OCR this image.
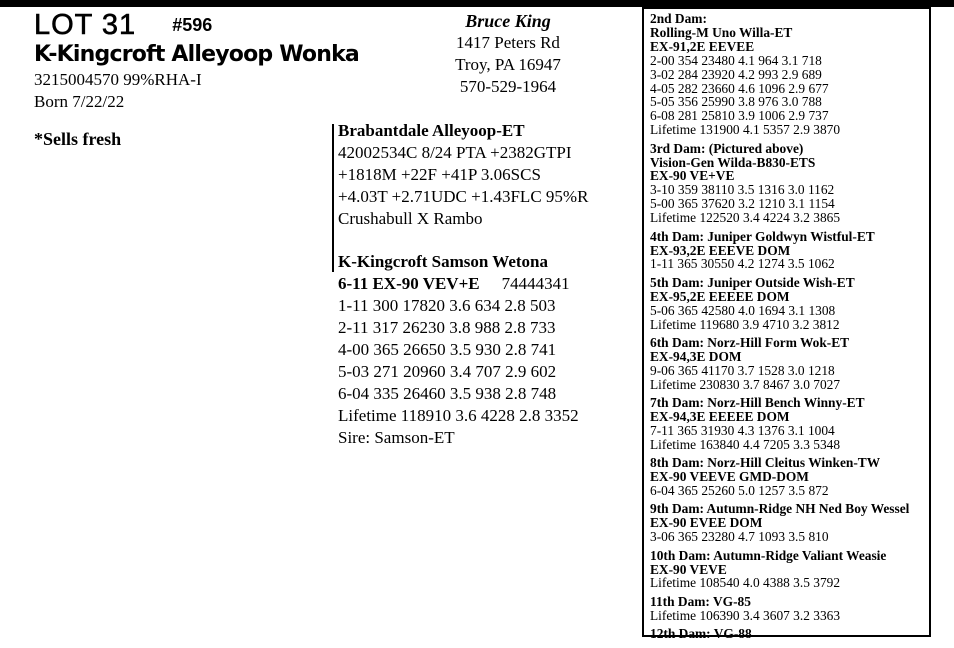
LOT 31 #596
K-Kingcroft Alleyoop Wonka
3215004570 99%RHA-I
Born 7/22/22
*Sells fresh
Bruce King
1417 Peters Rd
Troy, PA 16947
570-529-1964
Brabantdale Alleyoop-ET
42002534C 8/24 PTA +2382GTPI
+1818M +22F +41P 3.06SCS
+4.03T +2.71UDC +1.43FLC 95%R
Crushabull X Rambo
K-Kingcroft Samson Wetona
6-11 EX-90 VEV+E 74444341
1-11 300 17820 3.6 634 2.8 503
2-11 317 26230 3.8 988 2.8 733
4-00 365 26650 3.5 930 2.8 741
5-03 271 20960 3.4 707 2.9 602
6-04 335 26460 3.5 938 2.8 748
Lifetime 118910 3.6 4228 2.8 3352
Sire: Samson-ET
2nd Dam:
Rolling-M Uno Willa-ET
EX-91,2E EEVEE
2-00 354 23480 4.1 964 3.1 718
3-02 284 23920 4.2 993 2.9 689
4-05 282 23660 4.6 1096 2.9 677
5-05 356 25990 3.8 976 3.0 788
6-08 281 25810 3.9 1006 2.9 737
Lifetime 131900 4.1 5357 2.9 3870
3rd Dam: (Pictured above)
Vision-Gen Wilda-B830-ETS
EX-90 VE+VE
3-10 359 38110 3.5 1316 3.0 1162
5-00 365 37620 3.2 1210 3.1 1154
Lifetime 122520 3.4 4224 3.2 3865
4th Dam: Juniper Goldwyn Wistful-ET
EX-93,2E EEEVE DOM
1-11 365 30550 4.2 1274 3.5 1062
5th Dam: Juniper Outside Wish-ET
EX-95,2E EEEEE DOM
5-06 365 42580 4.0 1694 3.1 1308
Lifetime 119680 3.9 4710 3.2 3812
6th Dam: Norz-Hill Form Wok-ET
EX-94,3E DOM
9-06 365 41170 3.7 1528 3.0 1218
Lifetime 230830 3.7 8467 3.0 7027
7th Dam: Norz-Hill Bench Winny-ET
EX-94,3E EEEEE DOM
7-11 365 31930 4.3 1376 3.1 1004
Lifetime 163840 4.4 7205 3.3 5348
8th Dam: Norz-Hill Cleitus Winken-TW
EX-90 VEEVE GMD-DOM
6-04 365 25260 5.0 1257 3.5 872
9th Dam: Autumn-Ridge NH Ned Boy Wessel
EX-90 EVEE DOM
3-06 365 23280 4.7 1093 3.5 810
10th Dam: Autumn-Ridge Valiant Weasie
EX-90 VEVE
Lifetime 108540 4.0 4388 3.5 3792
11th Dam: VG-85
Lifetime 106390 3.4 3607 3.2 3363
12th Dam: VG-88
